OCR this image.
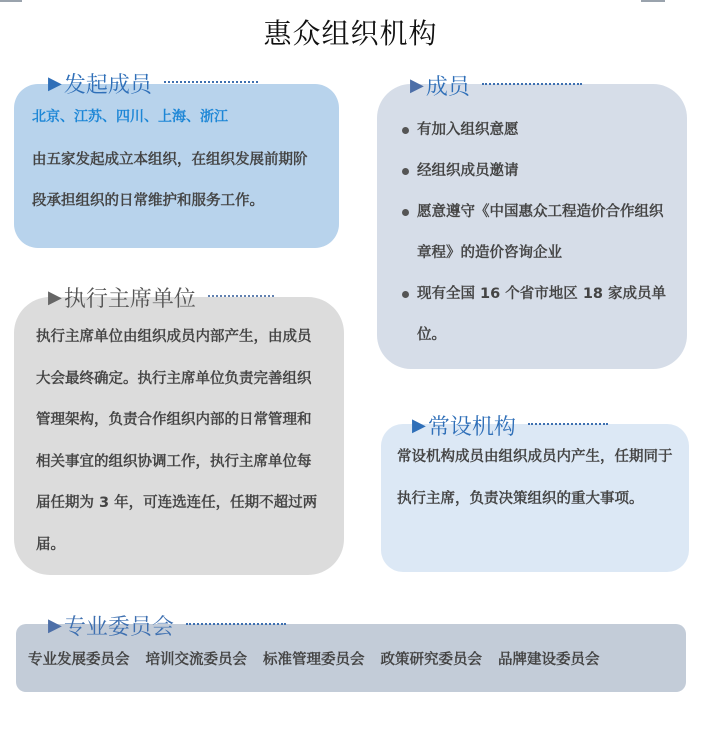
惠众组织机构
北京、江苏、四川、上海、浙江
由五家发起成立本组织，在组织发展前期阶段承担组织的日常维护和服务工作。
▶ 发起成员
有加入组织意愿
经组织成员邀请
愿意遵守《中国惠众工程造价合作组织章程》的造价咨询企业
现有全国 16 个省市地区 18 家成员单位。
▶ 成员
执行主席单位由组织成员内部产生，由成员大会最终确定。执行主席单位负责完善组织管理架构，负责合作组织内部的日常管理和相关事宜的组织协调工作，执行主席单位每届任期为 3 年，可连选连任，任期不超过两届。
▶ 执行主席单位
常设机构成员由组织成员内产生，任期同于执行主席，负责决策组织的重大事项。
▶ 常设机构
专业发展委员会 培训交流委员会 标准管理委员会 政策研究委员会 品牌建设委员会
▶ 专业委员会
